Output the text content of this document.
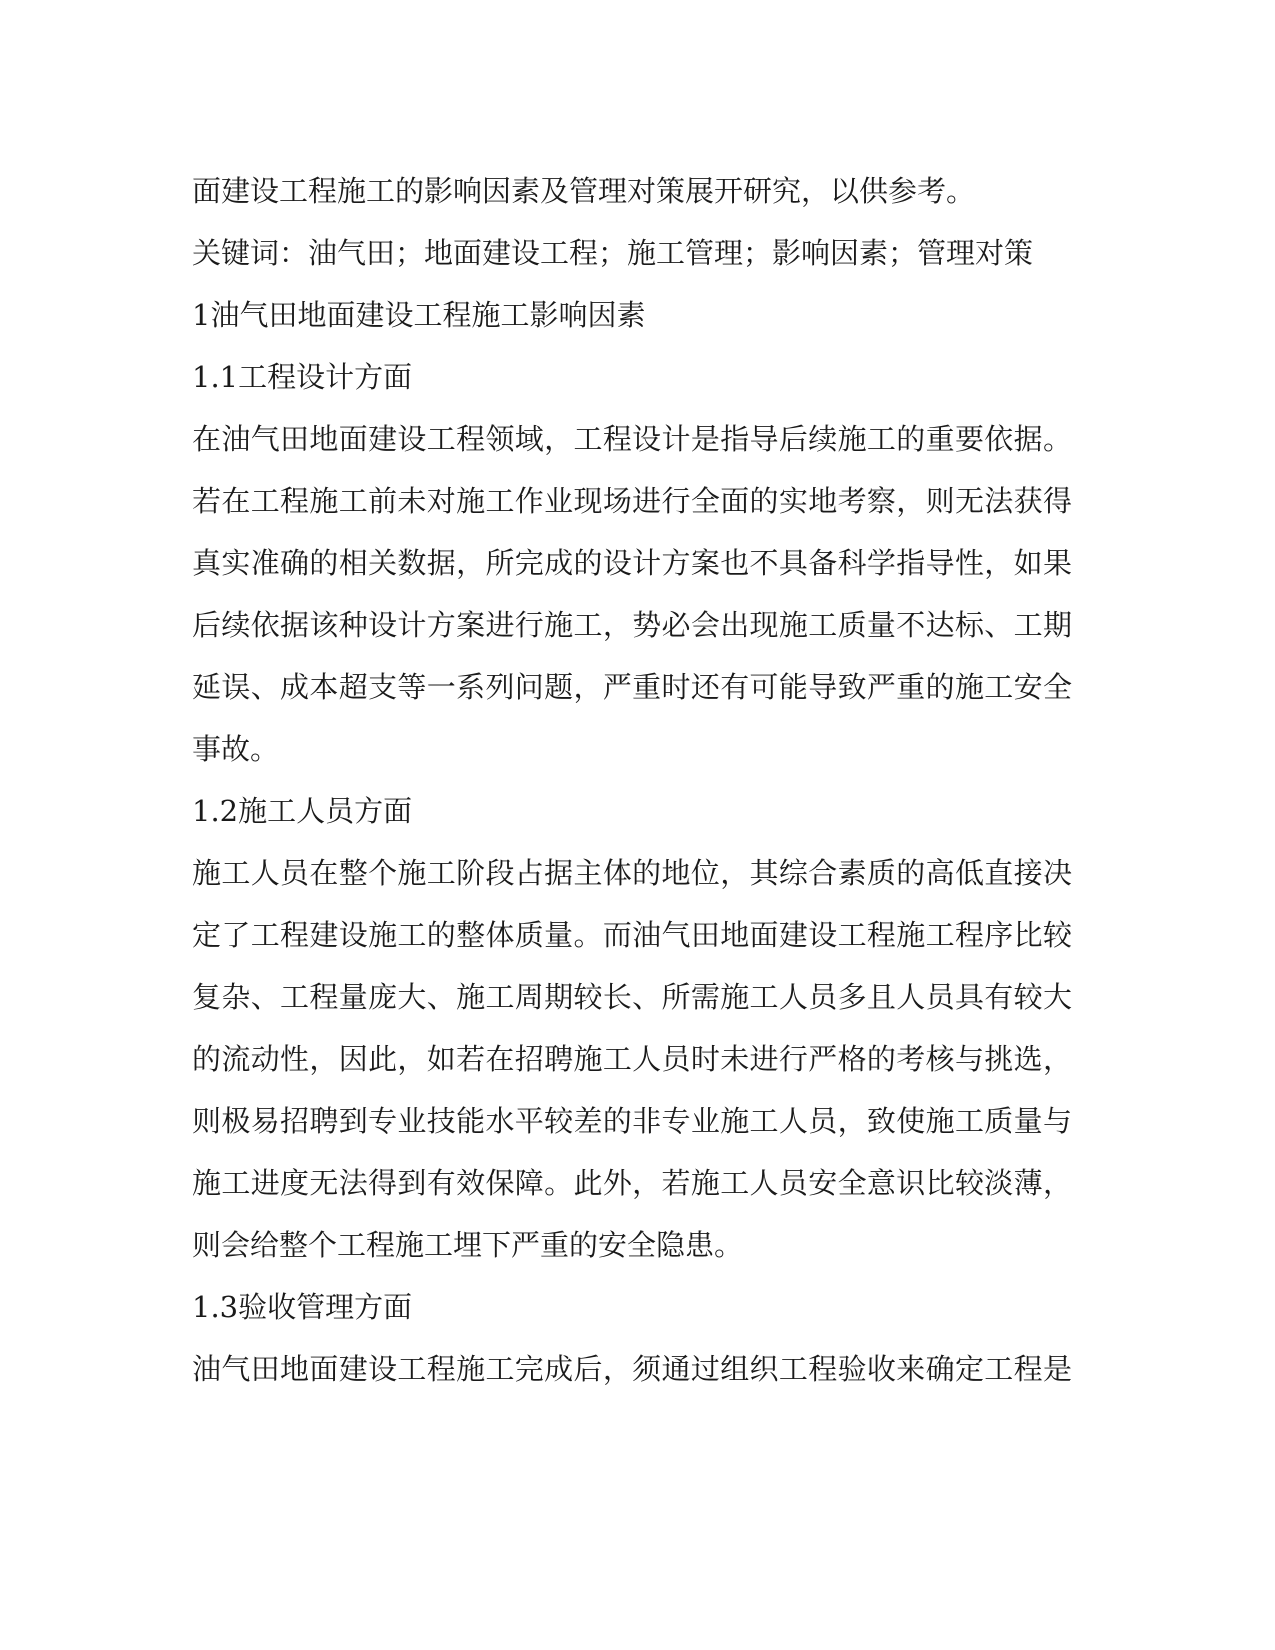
面建设工程施工的影响因素及管理对策展开研究，以供参考。
关键词：油气田；地面建设工程；施工管理；影响因素；管理对策
1油气田地面建设工程施工影响因素
1.1工程设计方面
在油气田地面建设工程领域，工程设计是指导后续施工的重要依据。
若在工程施工前未对施工作业现场进行全面的实地考察，则无法获得
真实准确的相关数据，所完成的设计方案也不具备科学指导性，如果
后续依据该种设计方案进行施工，势必会出现施工质量不达标、工期
延误、成本超支等一系列问题，严重时还有可能导致严重的施工安全
事故。
1.2施工人员方面
施工人员在整个施工阶段占据主体的地位，其综合素质的高低直接决
定了工程建设施工的整体质量。而油气田地面建设工程施工程序比较
复杂、工程量庞大、施工周期较长、所需施工人员多且人员具有较大
的流动性，因此，如若在招聘施工人员时未进行严格的考核与挑选，
则极易招聘到专业技能水平较差的非专业施工人员，致使施工质量与
施工进度无法得到有效保障。此外，若施工人员安全意识比较淡薄，
则会给整个工程施工埋下严重的安全隐患。
1.3验收管理方面
油气田地面建设工程施工完成后，须通过组织工程验收来确定工程是
